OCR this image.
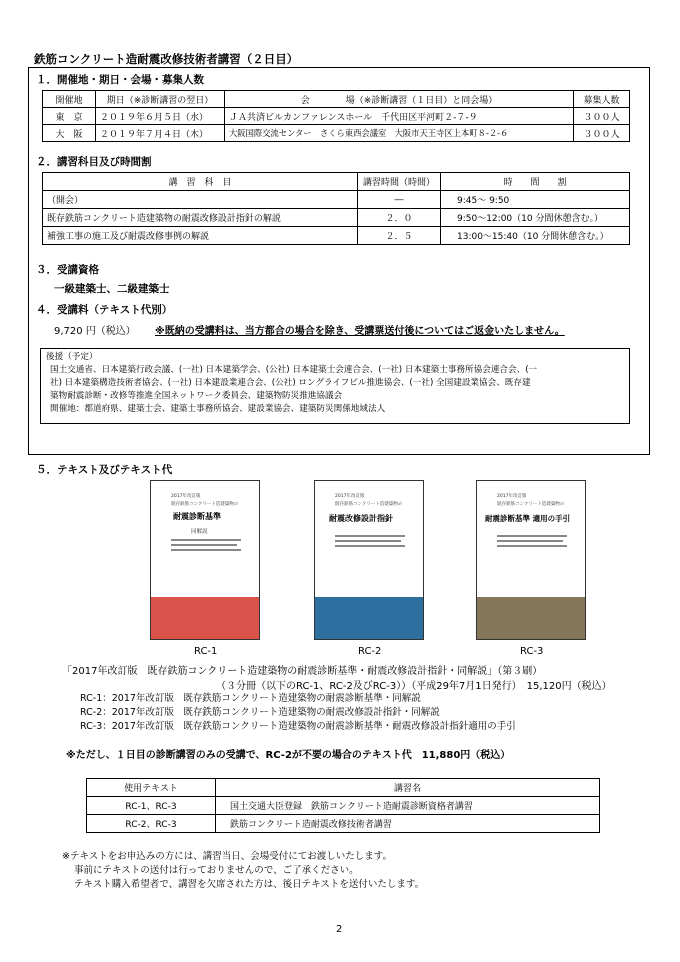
鉄筋コンクリート造耐震改修技術者講習（２日目）
１．開催地・期日・会場・募集人数
開催地	期日（※診断講習の翌日）	会　　　　場（※診断講習（１日目）と同会場）	募集人数
東　京	２０１９年６月５日（水）	ＪＡ共済ビルカンファレンスホール　千代田区平河町２-７-９	３００人
大　阪	２０１９年７月４日（木）	大阪国際交流センター　さくら東西会議室　大阪市天王寺区上本町８-２-６	３００人
２．講習科目及び時間割
講　習　科　目	講習時間（時間）	時　　間　　割
（開会）	―	9:45～ 9:50
既存鉄筋コンクリート造建築物の耐震改修設計指針の解説	２．０	9:50～12:00（10 分間休憩含む。）
補強工事の施工及び耐震改修事例の解説	２．５	13:00～15:40（10 分間休憩含む。）
３．受講資格
一級建築士、二級建築士
４．受講料（テキスト代別）
9,720 円（税込） ※既納の受講料は、当方都合の場合を除き、受講票送付後についてはご返金いたしません。
後援（予定）
国土交通省、日本建築行政会議、(一社) 日本建築学会、(公社) 日本建築士会連合会、(一社) 日本建築士事務所協会連合会、(一
社) 日本建築構造技術者協会、(一社) 日本建設業連合会、(公社) ロングライフビル推進協会、(一社) 全国建設業協会、既存建
築物耐震診断・改修等推進全国ネットワーク委員会、建築物防災推進協議会
開催地：都道府県、建築士会、建築士事務所協会、建設業協会、建築防災関係地域法人
５．テキスト及びテキスト代
2017年改訂版
既存鉄筋コンクリート造建築物の
耐震診断基準
同解説
2017年改訂版
既存鉄筋コンクリート造建築物の
耐震改修設計指針
2017年改訂版
既存鉄筋コンクリート造建築物の
耐震診断基準 適用の手引
RC-1	RC-2	RC-3
「2017年改訂版　既存鉄筋コンクリート造建築物の耐震診断基準・耐震改修設計指針・同解説」（第３刷）
（３分冊（以下のRC-1、RC-2及びRC-3））（平成29年7月1日発行）　15,120円（税込）
RC-1：2017年改訂版　既存鉄筋コンクリート造建築物の耐震診断基準・同解説
RC-2：2017年改訂版　既存鉄筋コンクリート造建築物の耐震改修設計指針・同解説
RC-3：2017年改訂版　既存鉄筋コンクリート造建築物の耐震診断基準・耐震改修設計指針適用の手引
※ただし、１日目の診断講習のみの受講で、RC-2が不要の場合のテキスト代　11,880円（税込）
使用テキスト	講習名
RC-1、RC-3	国土交通大臣登録　鉄筋コンクリート造耐震診断資格者講習
RC-2、RC-3	鉄筋コンクリート造耐震改修技術者講習
※テキストをお申込みの方には、講習当日、会場受付にてお渡しいたします。
事前にテキストの送付は行っておりませんので、ご了承ください。
テキスト購入希望者で、講習を欠席された方は、後日テキストを送付いたします。
2
